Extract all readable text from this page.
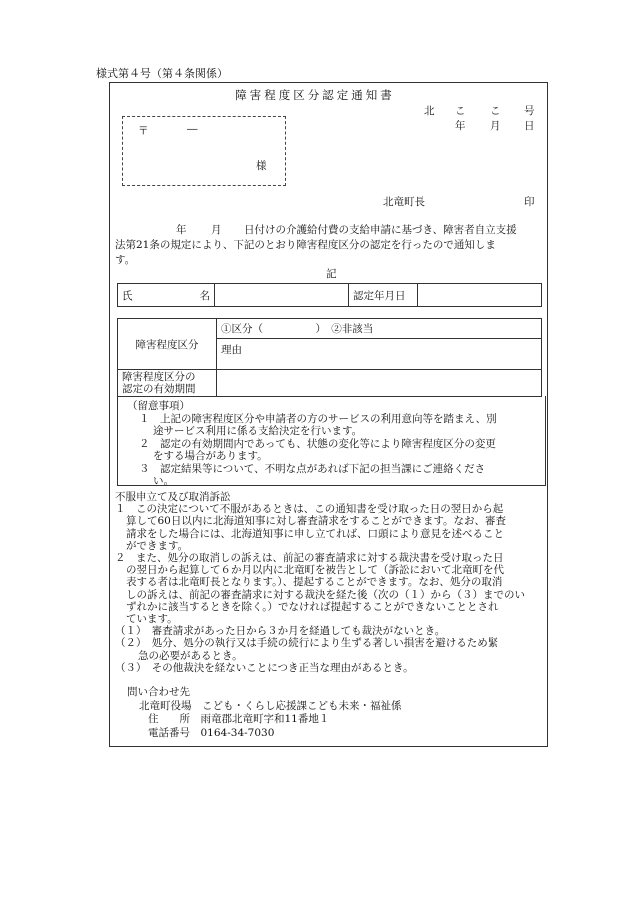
様式第４号（第４条関係）
障害程度区分認定通知書
北 こ こ 号
年 月 日
〒	―
様
北竜町長	印
年 月 日付けの介護給付費の支給申請に基づき、障害者自立支援
法第21条の規定により、下記のとおり障害程度区分の認定を行ったので通知しま
す。
記
氏	名		認定年月日	
障害程度区分	①区分（　　　　　）　②非該当
	理由

障害程度区分の
認定の有効期間	

（留意事項）
１　上記の障害程度区分や申請者の方のサービスの利用意向等を踏まえ、別
途サービス利用に係る支給決定を行います。
２　認定の有効期間内であっても、状態の変化等により障害程度区分の変更
をする場合があります。
３　認定結果等について、不明な点があれば下記の担当課にご連絡くださ
い。
不服申立て及び取消訴訟
１　この決定について不服があるときは、この通知書を受け取った日の翌日から起
算して60日以内に北海道知事に対し審査請求をすることができます。なお、審査
請求をした場合には、北海道知事に申し立てれば、口頭により意見を述べること
ができます。
２　また、処分の取消しの訴えは、前記の審査請求に対する裁決書を受け取った日
の翌日から起算して６か月以内に北竜町を被告として（訴訟において北竜町を代
表する者は北竜町長となります。）、提起することができます。なお、処分の取消
しの訴えは、前記の審査請求に対する裁決を経た後（次の（１）から（３）までのい
ずれかに該当するときを除く。）でなければ提起することができないこととされ
ています。
（１）　審査請求があった日から３か月を経過しても裁決がないとき。
（２）　処分、処分の執行又は手続の続行により生ずる著しい損害を避けるため緊
急の必要があるとき。
（３）　その他裁決を経ないことにつき正当な理由があるとき。
問い合わせ先
北竜町役場　 こども・くらし応援課こども未来・福祉係
住　　所　 雨竜郡北竜町字和11番地１
電話番号　 0164-34-7030
